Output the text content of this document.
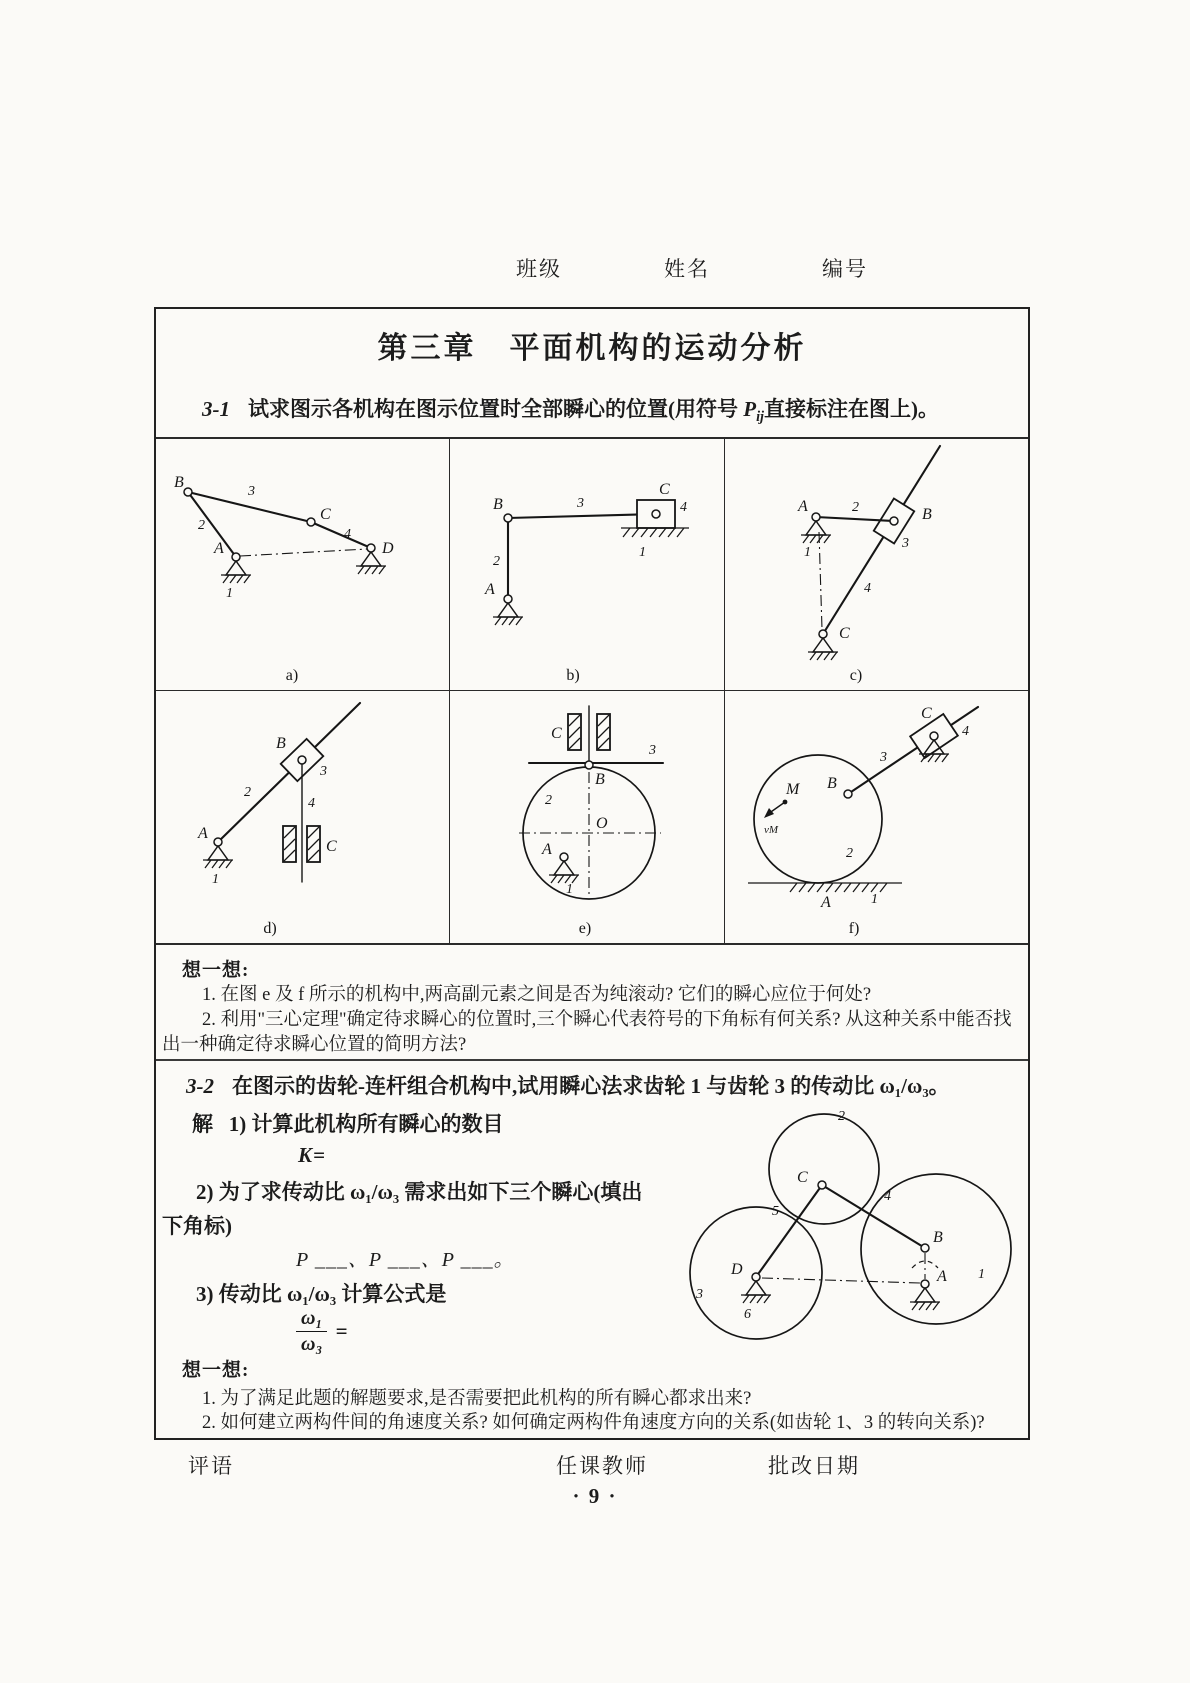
班级	姓名	编号
第三章　平面机构的运动分析
3-1 试求图示各机构在图示位置时全部瞬心的位置(用符号 $P_{ij}$直接标注在图上)。
B
A
C
D
2
3
4
1
a)
A
B
C
1
2
3	4
b)
A	B
C
2
3
4
1
c)
A
B
C
1
2
3
4
d)
C
3
B
2
O
A
1
e)
M
vM
B
C
4
3
2
A	1
f)
想一想:
1. 在图 e 及 f 所示的机构中,两高副元素之间是否为纯滚动? 它们的瞬心应位于何处?
2. 利用"三心定理"确定待求瞬心的位置时,三个瞬心代表符号的下角标有何关系? 从这种关系中能否找出一种确定待求瞬心位置的简明方法?
3-2 在图示的齿轮-连杆组合机构中,试用瞬心法求齿轮 1 与齿轮 3 的传动比 ω₁/ω₃。
解 1) 计算此机构所有瞬心的数目
K=
2) 为了求传动比 ω₁/ω₃ 需求出如下三个瞬心(填出
下角标)
P ___、P ___、P ___。
3) 传动比 ω₁/ω₃ 计算公式是
$\frac{\text{ω₁}}{\text{ω₃}}$ =
C
D
B
A
2
3
1
4
5
6
想一想:
1. 为了满足此题的解题要求,是否需要把此机构的所有瞬心都求出来?
2. 如何建立两构件间的角速度关系? 如何确定两构件角速度方向的关系(如齿轮 1、3 的转向关系)?
评语	任课教师	批改日期
· 9 ·
